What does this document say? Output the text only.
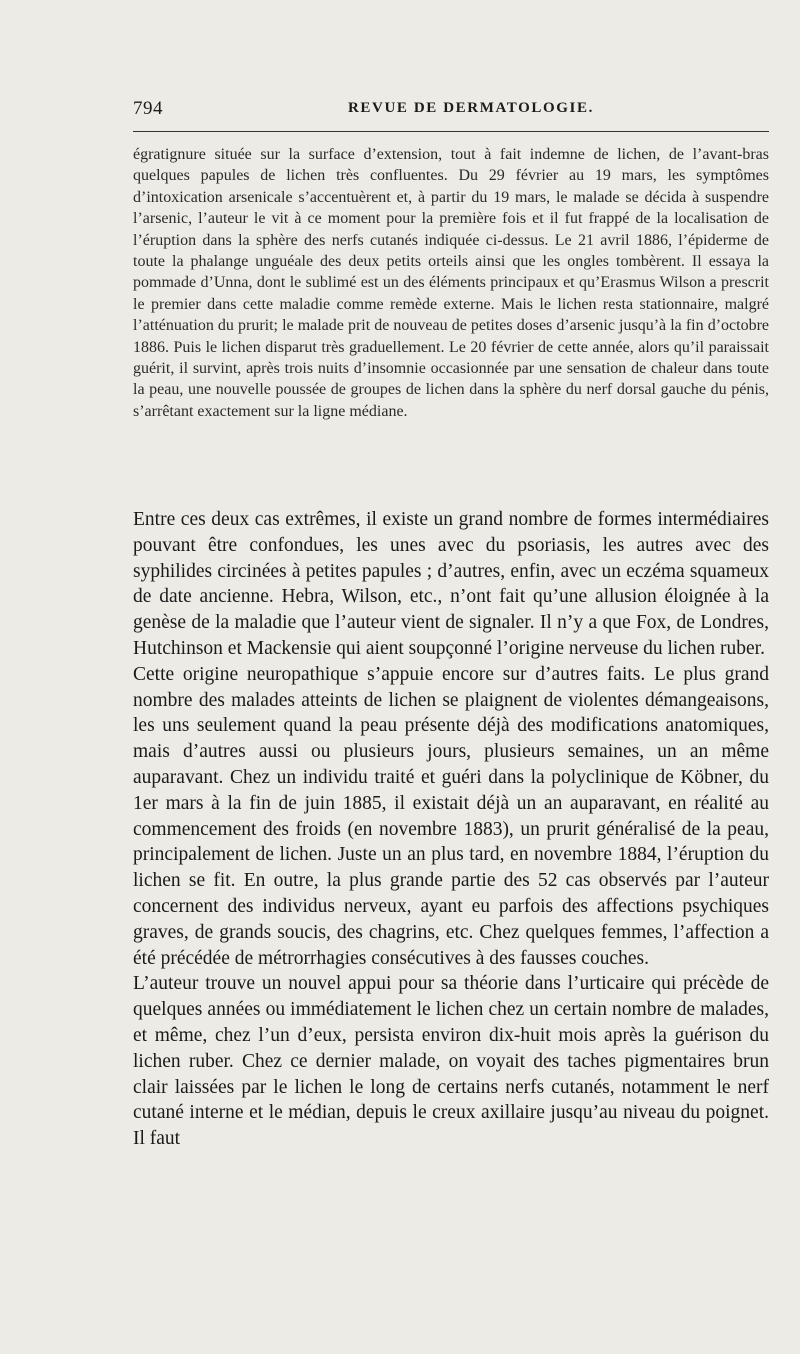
794	REVUE DE DERMATOLOGIE.

égratignure située sur la surface d’extension, tout à fait indemne de lichen, de l’avant-bras quelques papules de lichen très confluentes. Du 29 février au 19 mars, les symptômes d’intoxication arsenicale s’accentuèrent et, à partir du 19 mars, le malade se décida à suspendre l’arsenic, l’auteur le vit à ce moment pour la première fois et il fut frappé de la localisation de l’éruption dans la sphère des nerfs cutanés indiquée ci-dessus. Le 21 avril 1886, l’épiderme de toute la phalange unguéale des deux petits orteils ainsi que les ongles tombèrent. Il essaya la pommade d’Unna, dont le sublimé est un des éléments principaux et qu’Erasmus Wilson a prescrit le premier dans cette maladie comme remède externe. Mais le lichen resta stationnaire, malgré l’atténuation du prurit; le malade prit de nouveau de petites doses d’arsenic jusqu’à la fin d’octobre 1886. Puis le lichen disparut très graduellement. Le 20 février de cette année, alors qu’il paraissait guérit, il survint, après trois nuits d’insomnie occasionnée par une sensation de chaleur dans toute la peau, une nouvelle poussée de groupes de lichen dans la sphère du nerf dorsal gauche du pénis, s’arrêtant exactement sur la ligne médiane.

Entre ces deux cas extrêmes, il existe un grand nombre de formes intermédiaires pouvant être confondues, les unes avec du psoriasis, les autres avec des syphilides circinées à petites papules ; d’autres, enfin, avec un eczéma squameux de date ancienne. Hebra, Wilson, etc., n’ont fait qu’une allusion éloignée à la genèse de la maladie que l’auteur vient de signaler. Il n’y a que Fox, de Londres, Hutchinson et Mackensie qui aient soupçonné l’origine nerveuse du lichen ruber.

Cette origine neuropathique s’appuie encore sur d’autres faits. Le plus grand nombre des malades atteints de lichen se plaignent de violentes démangeaisons, les uns seulement quand la peau présente déjà des modifications anatomiques, mais d’autres aussi ou plusieurs jours, plusieurs semaines, un an même auparavant. Chez un individu traité et guéri dans la polyclinique de Köbner, du 1er mars à la fin de juin 1885, il existait déjà un an auparavant, en réalité au commencement des froids (en novembre 1883), un prurit généralisé de la peau, principalement de lichen. Juste un an plus tard, en novembre 1884, l’éruption du lichen se fit. En outre, la plus grande partie des 52 cas observés par l’auteur concernent des individus nerveux, ayant eu parfois des affections psychiques graves, de grands soucis, des chagrins, etc. Chez quelques femmes, l’affection a été précédée de métrorrhagies consécutives à des fausses couches.

L’auteur trouve un nouvel appui pour sa théorie dans l’urticaire qui précède de quelques années ou immédiatement le lichen chez un certain nombre de malades, et même, chez l’un d’eux, persista environ dix-huit mois après la guérison du lichen ruber. Chez ce dernier malade, on voyait des taches pigmentaires brun clair laissées par le lichen le long de certains nerfs cutanés, notamment le nerf cutané interne et le médian, depuis le creux axillaire jusqu’au niveau du poignet. Il faut
